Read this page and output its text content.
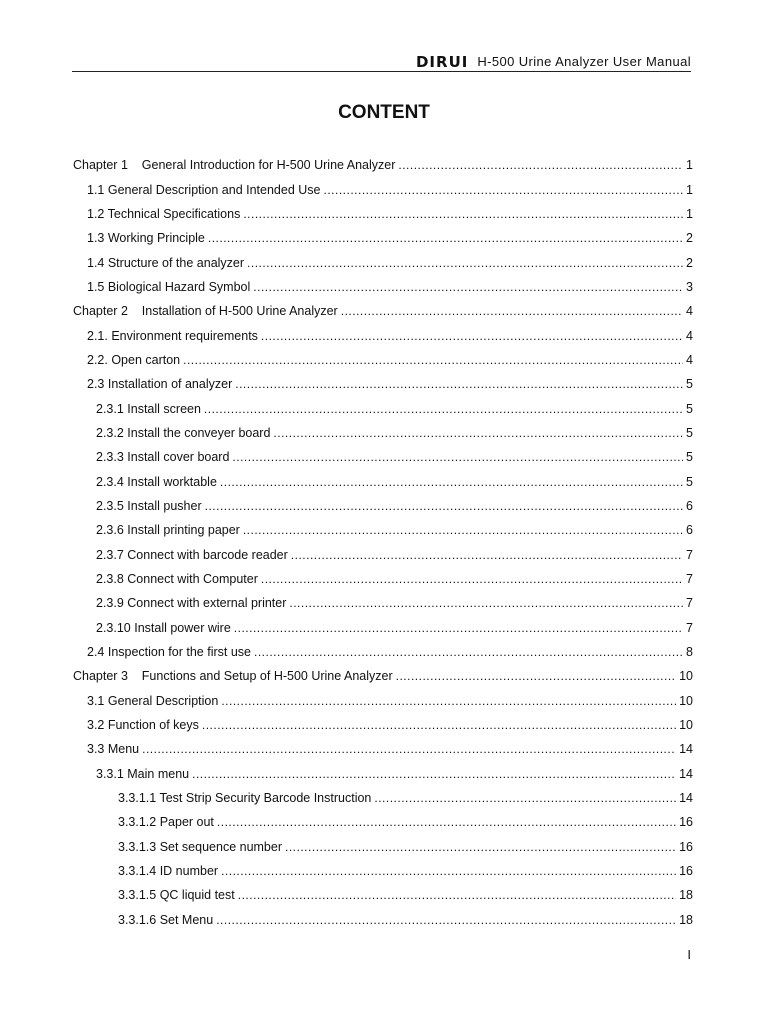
DIRUI H-500 Urine Analyzer User Manual
CONTENT
Chapter 1    General Introduction for H-500 Urine Analyzer .....	1
1.1 General Description and Intended Use .....	1
1.2 Technical Specifications .....	1
1.3 Working Principle .....	2
1.4 Structure of the analyzer .....	2
1.5 Biological Hazard Symbol .....	3
Chapter 2    Installation of H-500 Urine Analyzer .....	4
2.1. Environment requirements .....	4
2.2. Open carton .....	4
2.3 Installation of analyzer .....	5
2.3.1 Install screen .....	5
2.3.2 Install the conveyer board .....	5
2.3.3 Install cover board .....	5
2.3.4 Install worktable .....	5
2.3.5 Install pusher .....	6
2.3.6 Install printing paper .....	6
2.3.7 Connect with barcode reader .....	7
2.3.8 Connect with Computer .....	7
2.3.9 Connect with external printer .....	7
2.3.10 Install power wire .....	7
2.4 Inspection for the first use .....	8
Chapter 3    Functions and Setup of H-500 Urine Analyzer .....	10
3.1 General Description .....	10
3.2 Function of keys .....	10
3.3 Menu .....	14
3.3.1 Main menu .....	14
3.3.1.1 Test Strip Security Barcode Instruction .....	14
3.3.1.2 Paper out .....	16
3.3.1.3 Set sequence number .....	16
3.3.1.4 ID number .....	16
3.3.1.5 QC liquid test .....	18
3.3.1.6 Set Menu .....	18
I
